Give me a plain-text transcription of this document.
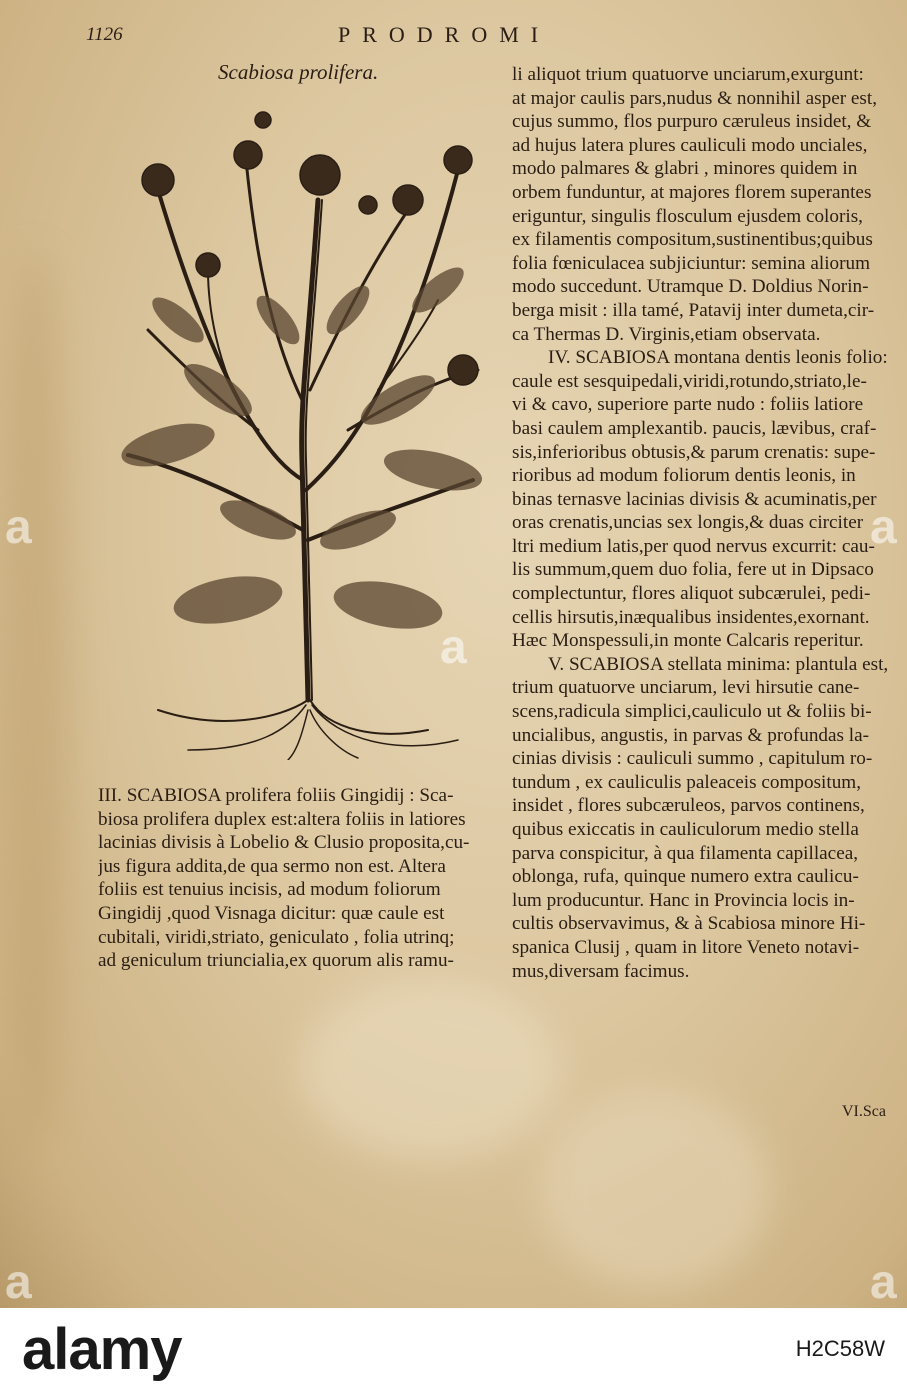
1126	PRODROMI
Scabiosa prolifera.	li aliquot trium quatuorve unciarum,exurgunt:
at major caulis pars,nudus & nonnihil asper est,
cujus summo, flos purpuro cæruleus insidet, &
ad hujus latera plures cauliculi modo unciales,
modo palmares & glabri , minores quidem in
orbem funduntur, at majores florem superantes
eriguntur, singulis flosculum ejusdem coloris,
ex filamentis compositum,sustinentibus;quibus
folia fœniculacea subjiciuntur: semina aliorum
modo succedunt. Utramque D. Doldius Norin-
berga misit : illa tamé, Patavij inter dumeta,cir-
ca Thermas D. Virginis,etiam observata.
IV. SCABIOSA montana dentis leonis folio:
caule est sesquipedali,viridi,rotundo,striato,le-
vi & cavo, superiore parte nudo : foliis latiore
basi caulem amplexantib. paucis, lævibus, craf-
sis,inferioribus obtusis,& parum crenatis: supe-
rioribus ad modum foliorum dentis leonis, in
binas ternasve lacinias divisis & acuminatis,per
oras crenatis,uncias sex longis,& duas circiter
ltri medium latis,per quod nervus excurrit: cau-
lis summum,quem duo folia, fere ut in Dipsaco
complectuntur, flores aliquot subcærulei, pedi-
cellis hirsutis,inæqualibus insidentes,exornant.
Hæc Monspessuli,in monte Calcaris reperitur.
V. SCABIOSA stellata minima: plantula est,
trium quatuorve unciarum, levi hirsutie cane-
scens,radicula simplici,cauliculo ut & foliis bi-
uncialibus, angustis, in parvas & profundas la-
cinias divisis : cauliculi summo , capitulum ro-
tundum , ex cauliculis paleaceis compositum,
insidet , flores subcæruleos, parvos continens,
quibus exiccatis in cauliculorum medio stella
parva conspicitur, à qua filamenta capillacea,
oblonga, rufa, quinque numero extra caulicu-
lum producuntur. Hanc in Provincia locis in-
cultis observavimus, & à Scabiosa minore Hi-
spanica Clusij , quam in litore Veneto notavi-
mus,diversam facimus.
III. SCABIOSA prolifera foliis Gingidij : Sca-
biosa prolifera duplex est:altera foliis in latiores
lacinias divisis à Lobelio & Clusio proposita,cu-
jus figura addita,de qua sermo non est. Altera
foliis est tenuius incisis, ad modum foliorum
Gingidij ,quod Visnaga dicitur: quæ caule est
cubitali, viridi,striato, geniculato , folia utrinq;
ad geniculum triuncialia,ex quorum alis ramu-
VI.Sca
a
a
a
a	a
alamy	H2C58W
